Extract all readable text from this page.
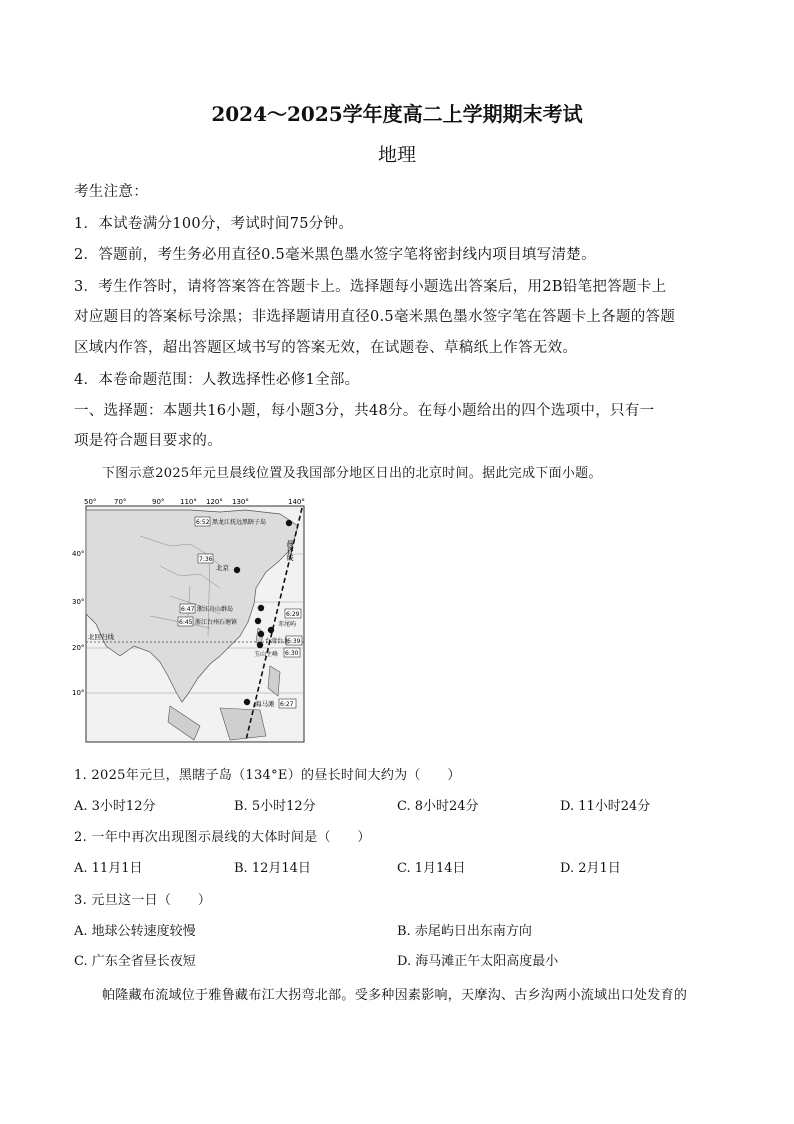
2024～2025学年度高二上学期期末考试
地理
考生注意：
1．本试卷满分100分，考试时间75分钟。
2．答题前，考生务必用直径0.5毫米黑色墨水签字笔将密封线内项目填写清楚。
3．考生作答时，请将答案答在答题卡上。选择题每小题选出答案后，用2B铅笔把答题卡上
对应题目的答案标号涂黑；非选择题请用直径0.5毫米黑色墨水签字笔在答题卡上各题的答题
区域内作答，超出答题区域书写的答案无效，在试题卷、草稿纸上作答无效。
4．本卷命题范围：人教选择性必修1全部。
一、选择题：本题共16小题，每小题3分，共48分。在每小题给出的四个选项中，只有一
项是符合题目要求的。
下图示意2025年元旦晨线位置及我国部分地区日出的北京时间。据此完成下面小题。
50°	70°	90° 110° 120° 130°	140°
40°
30°
20°
10°
北回归线
晨昏线
6:52 黑龙江抚远黑瞎子岛
7:36
北京
6:47 浙江舟山群岛
6:45 浙江台州石塘镇
6:29
赤尾屿
6:39
台湾台北
6:30
玉山主峰
6:27
海马滩
1. 2025年元旦，黑瞎子岛（134°E）的昼长时间大约为（　　）
A. 3小时12分	B. 5小时12分	C. 8小时24分	D. 11小时24分
2. 一年中再次出现图示晨线的大体时间是（　　）
A. 11月1日	B. 12月14日	C. 1月14日	D. 2月1日
3. 元旦这一日（　　）
A. 地球公转速度较慢	B. 赤尾屿日出东南方向
C. 广东全省昼长夜短	D. 海马滩正午太阳高度最小
帕隆藏布流域位于雅鲁藏布江大拐弯北部。受多种因素影响，天摩沟、古乡沟两小流域出口处发育的
